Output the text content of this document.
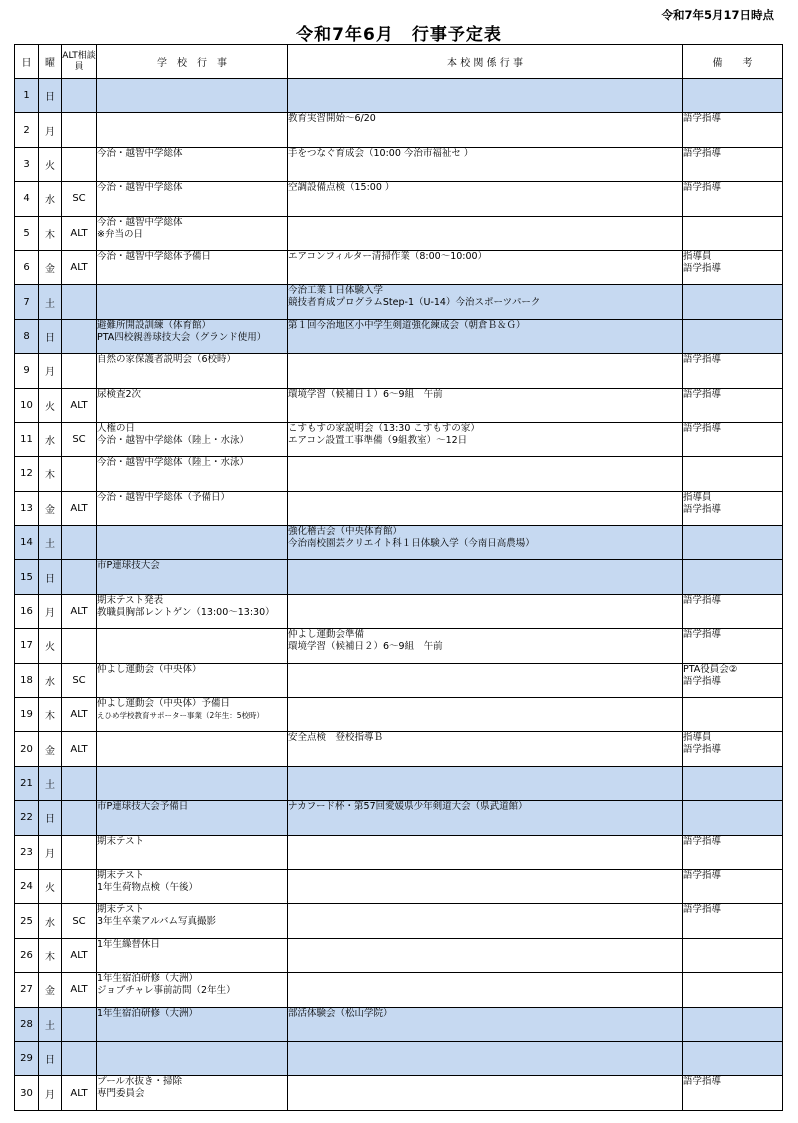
令和7年5月17日時点
令和7年6月　行事予定表
日	曜	ALT相談員	学　校　行　事	本 校 関 係 行 事	備　　考
1	日				
2	月			教育実習開始～6/20	語学指導

3	火		今治・越智中学総体	手をつなぐ育成会（10:00 今治市福祉セ ）	語学指導

4	水	SC	今治・越智中学総体	空調設備点検（15:00 ）	語学指導

5	木	ALT	今治・越智中学総体
※弁当の日		

6	金	ALT	今治・越智中学総体予備日	エアコンフィルター清掃作業（8:00～10:00）	指導員
語学指導

7	土			今治工業１日体験入学
競技者育成プログラムStep-1（U-14）今治スポーツパーク	

8	日		避難所開設訓練（体育館）
PTA四校親善球技大会（グランド使用）	第１回今治地区小中学生剣道強化練成会（朝倉Ｂ＆Ｇ）	

9	月		自然の家保護者説明会（6校時）		語学指導

10	火	ALT	尿検査2次	環境学習（候補日１）6～9組　午前	語学指導

11	水	SC	人権の日
今治・越智中学総体（陸上・水泳）	こすもすの家説明会（13:30 こすもすの家）
エアコン設置工事準備（9組教室）～12日	語学指導

12	木		今治・越智中学総体（陸上・水泳）		

13	金	ALT	今治・越智中学総体（予備日）		指導員
語学指導

14	土			強化稽古会（中央体育館）
今治南校園芸クリエイト科１日体験入学（今南日高農場）	

15	日		市P連球技大会		

16	月	ALT	期末テスト発表
教職員胸部レントゲン（13:00～13:30）		語学指導

17	火			仲よし運動会準備
環境学習（候補日２）6～9組　午前	語学指導

18	水	SC	仲よし運動会（中央体）		PTA役員会②
語学指導

19	木	ALT	仲よし運動会（中央体）予備日
えひめ学校教育サポーター事業（2年生：5校時）		

20	金	ALT		安全点検　登校指導Ｂ	指導員
語学指導

21	土				
22	日		市P連球技大会予備日	ナカフード杯・第57回愛媛県少年剣道大会（県武道館）	

23	月		期末テスト		語学指導

24	火		期末テスト
1年生荷物点検（午後）		語学指導

25	水	SC	期末テスト
3年生卒業アルバム写真撮影		語学指導

26	木	ALT	1年生繰替休日		

27	金	ALT	1年生宿泊研修（大洲）
ジョブチャレ事前訪問（2年生）		

28	土		1年生宿泊研修（大洲）	部活体験会（松山学院）	

29	日				
30	月	ALT	プール水抜き・掃除
専門委員会		語学指導
